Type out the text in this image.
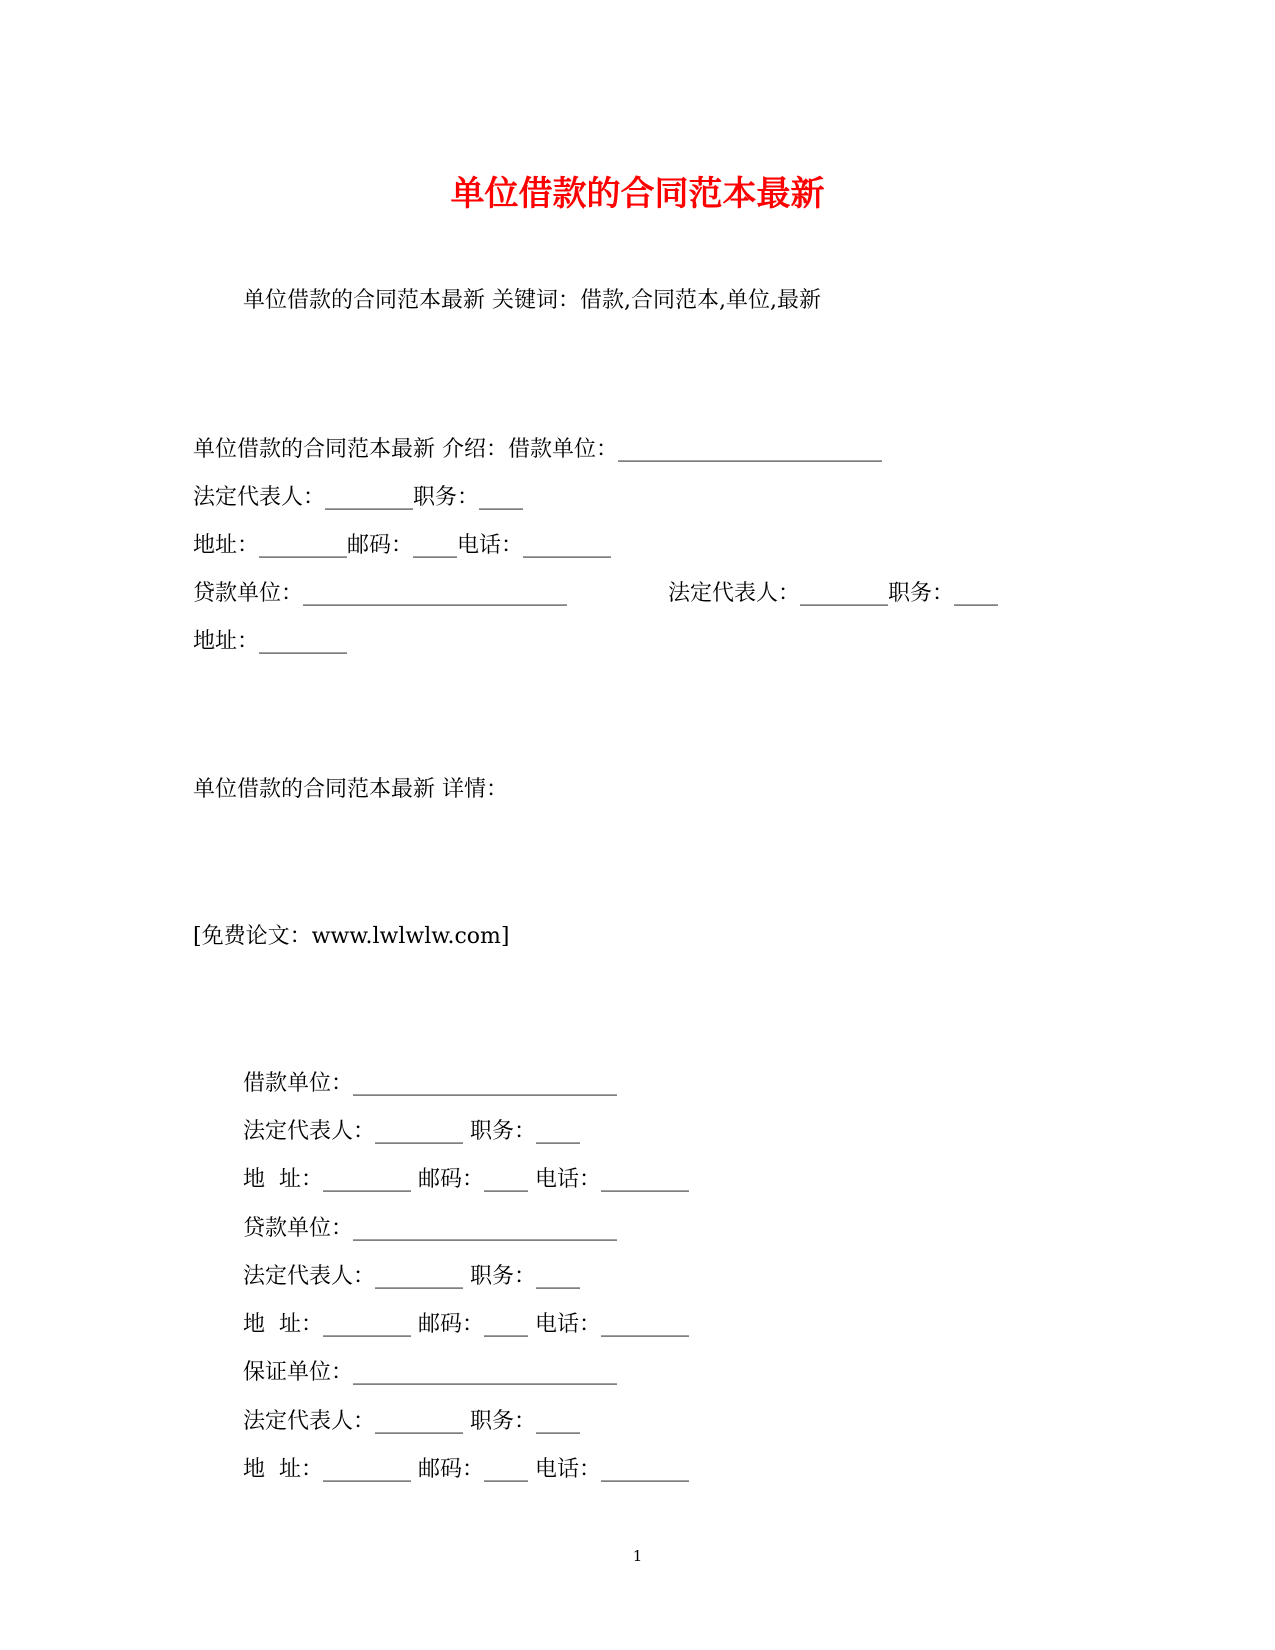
单位借款的合同范本最新
单位借款的合同范本最新 关键词：借款,合同范本,单位,最新
单位借款的合同范本最新 介绍：借款单位：________________________
法定代表人：________职务：____
地址：________邮码：____电话：________
贷款单位：________________________	法定代表人：________职务：____
地址：________
单位借款的合同范本最新 详情：
[免费论文：www.lwlwlw.com]
借款单位：________________________
法定代表人：________ 职务：____
地  址：________ 邮码：____ 电话：________
贷款单位：________________________
法定代表人：________ 职务：____
地  址：________ 邮码：____ 电话：________
保证单位：________________________
法定代表人：________ 职务：____
地  址：________ 邮码：____ 电话：________
1
